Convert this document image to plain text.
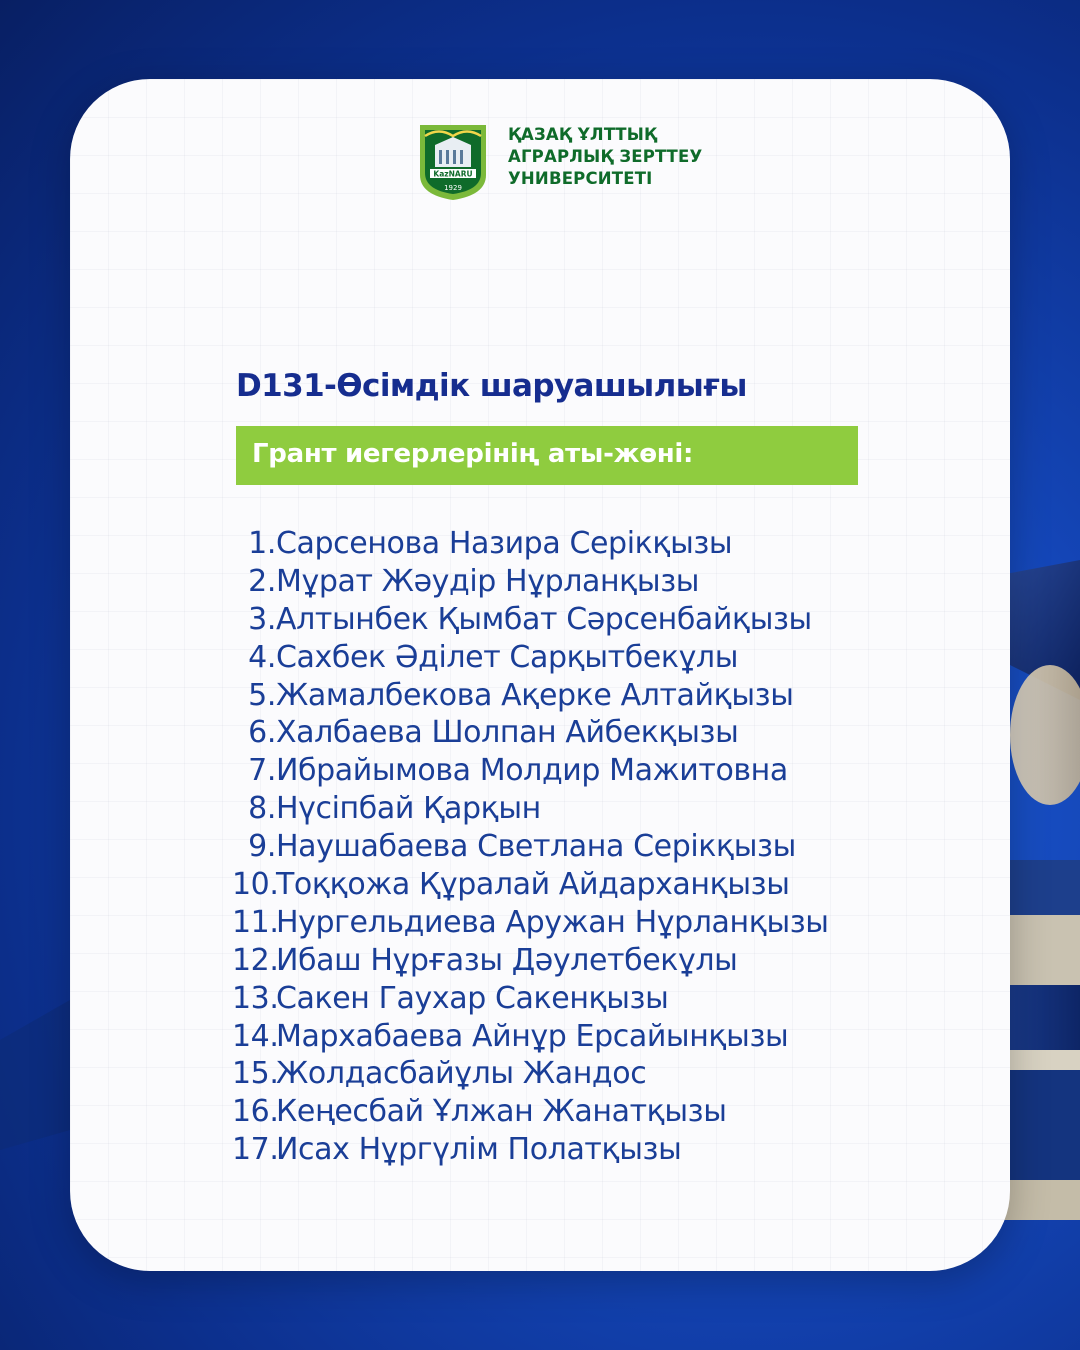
KazNARU
1929
ҚАЗАҚ ҰЛТТЫҚ
АГРАРЛЫҚ ЗЕРТТЕУ
УНИВЕРСИТЕТІ
D131-Өсімдік шаруашылығы
Грант иегерлерінің аты-жөні:
1. Сарсенова Назира Серікқызы
2. Мұрат Жәудір Нұрланқызы
3. Алтынбек Қымбат Сәрсенбайқызы
4. Сахбек Әділет Сарқытбекұлы
5. Жамалбекова Ақерке Алтайқызы
6. Халбаева Шолпан Айбекқызы
7. Ибрайымова Молдир Мажитовна
8. Нүсіпбай Қарқын
9. Наушабаева Светлана Серікқызы
10.
Тоққожа Құралай Айдарханқызы
11.
Нургельдиева Аружан Нұрланқызы
12.
Ибаш Нұрғазы Дәулетбекұлы
13.
Сакен Гаухар Сакенқызы
14.
Мархабаева Айнұр Ерсайынқызы
15.
Жолдасбайұлы Жандос
16.
Кеңесбай Ұлжан Жанатқызы
17.
Исах Нұргүлім Полатқызы
